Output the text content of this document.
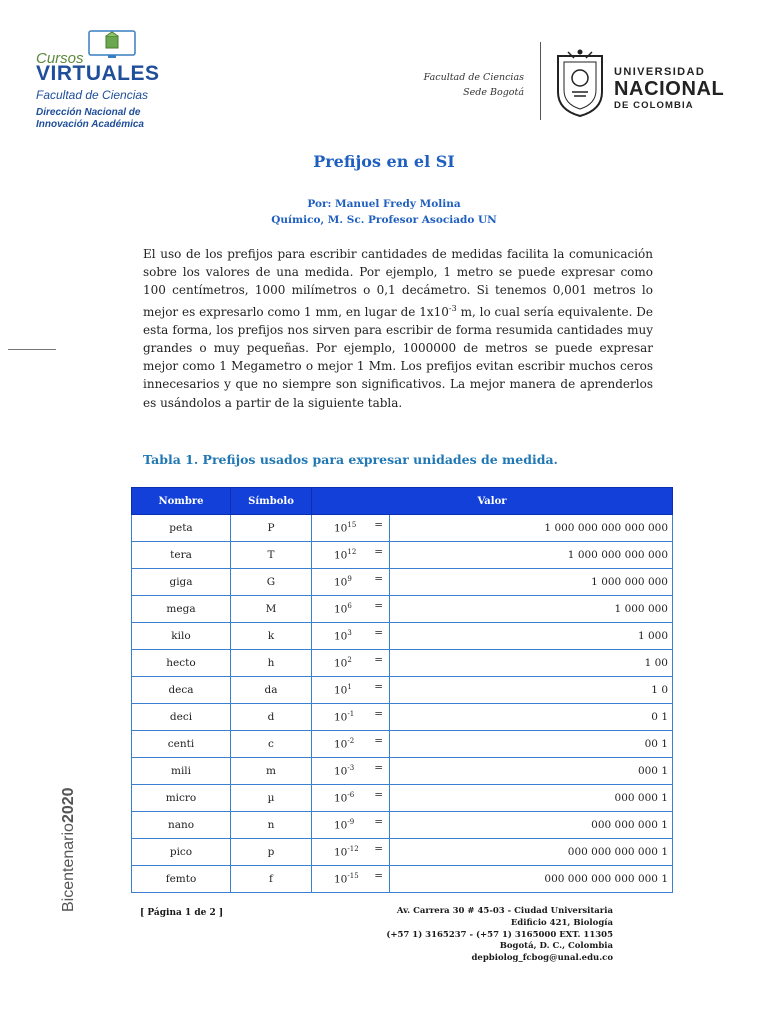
Cursos
VIRTUALES
Facultad de Ciencias
Dirección Nacional de
Innovación Académica
Facultad de Ciencias
Sede Bogotá
UNIVERSIDAD
NACIONAL
DE COLOMBIA
Prefijos en el SI
Por: Manuel Fredy Molina
Químico, M. Sc. Profesor Asociado UN
El uso de los prefijos para escribir cantidades de medidas facilita la comunicación sobre los valores de una medida. Por ejemplo, 1 metro se puede expresar como 100 centímetros, 1000 milímetros o 0,1 decámetro. Si tenemos 0,001 metros lo mejor es expresarlo como 1 mm, en lugar de $1x10^{-3}$ m, lo cual sería equivalente. De esta forma, los prefijos nos sirven para escribir de forma resumida cantidades muy grandes o muy pequeñas. Por ejemplo, 1000000 de metros se puede expresar mejor como 1 Megametro o mejor 1 Mm. Los prefijos evitan escribir muchos ceros innecesarios y que no siempre son significativos. La mejor manera de aprenderlos es usándolos a partir de la siguiente tabla.
Tabla 1. Prefijos usados para expresar unidades de medida.
Nombre	Símbolo	Valor	
peta	P	$10^{15}$ =	1 000 000 000 000 000
tera	T	$10^{12}$ =	1 000 000 000 000
giga	G	$10^9$ =	1 000 000 000
mega	M	$10^6$ =	1 000 000
kilo	k	$10^3$ =	1 000
hecto	h	$10^2$ =	1 00
deca	da	$10^1$ =	1 0
deci	d	$10^{-1}$ =	0 1
centi	c	$10^{-2}$ =	00 1
mili	m	$10^{-3}$ =	000 1
micro	µ	$10^{-6}$ =	000 000 1
nano	n	$10^{-9}$ =	000 000 000 1
pico	p	$10^{-12}$ =	000 000 000 000 1
femto	f	$10^{-15}$ =	000 000 000 000 000 1
Bicentenario2020
[ Página 1 de 2 ]	Av. Carrera 30 # 45-03 - Ciudad Universitaria
Edificio 421, Biología
(+57 1) 3165237 - (+57 1) 3165000 EXT. 11305
Bogotá, D. C., Colombia
depbiolog_fcbog@unal.edu.co
